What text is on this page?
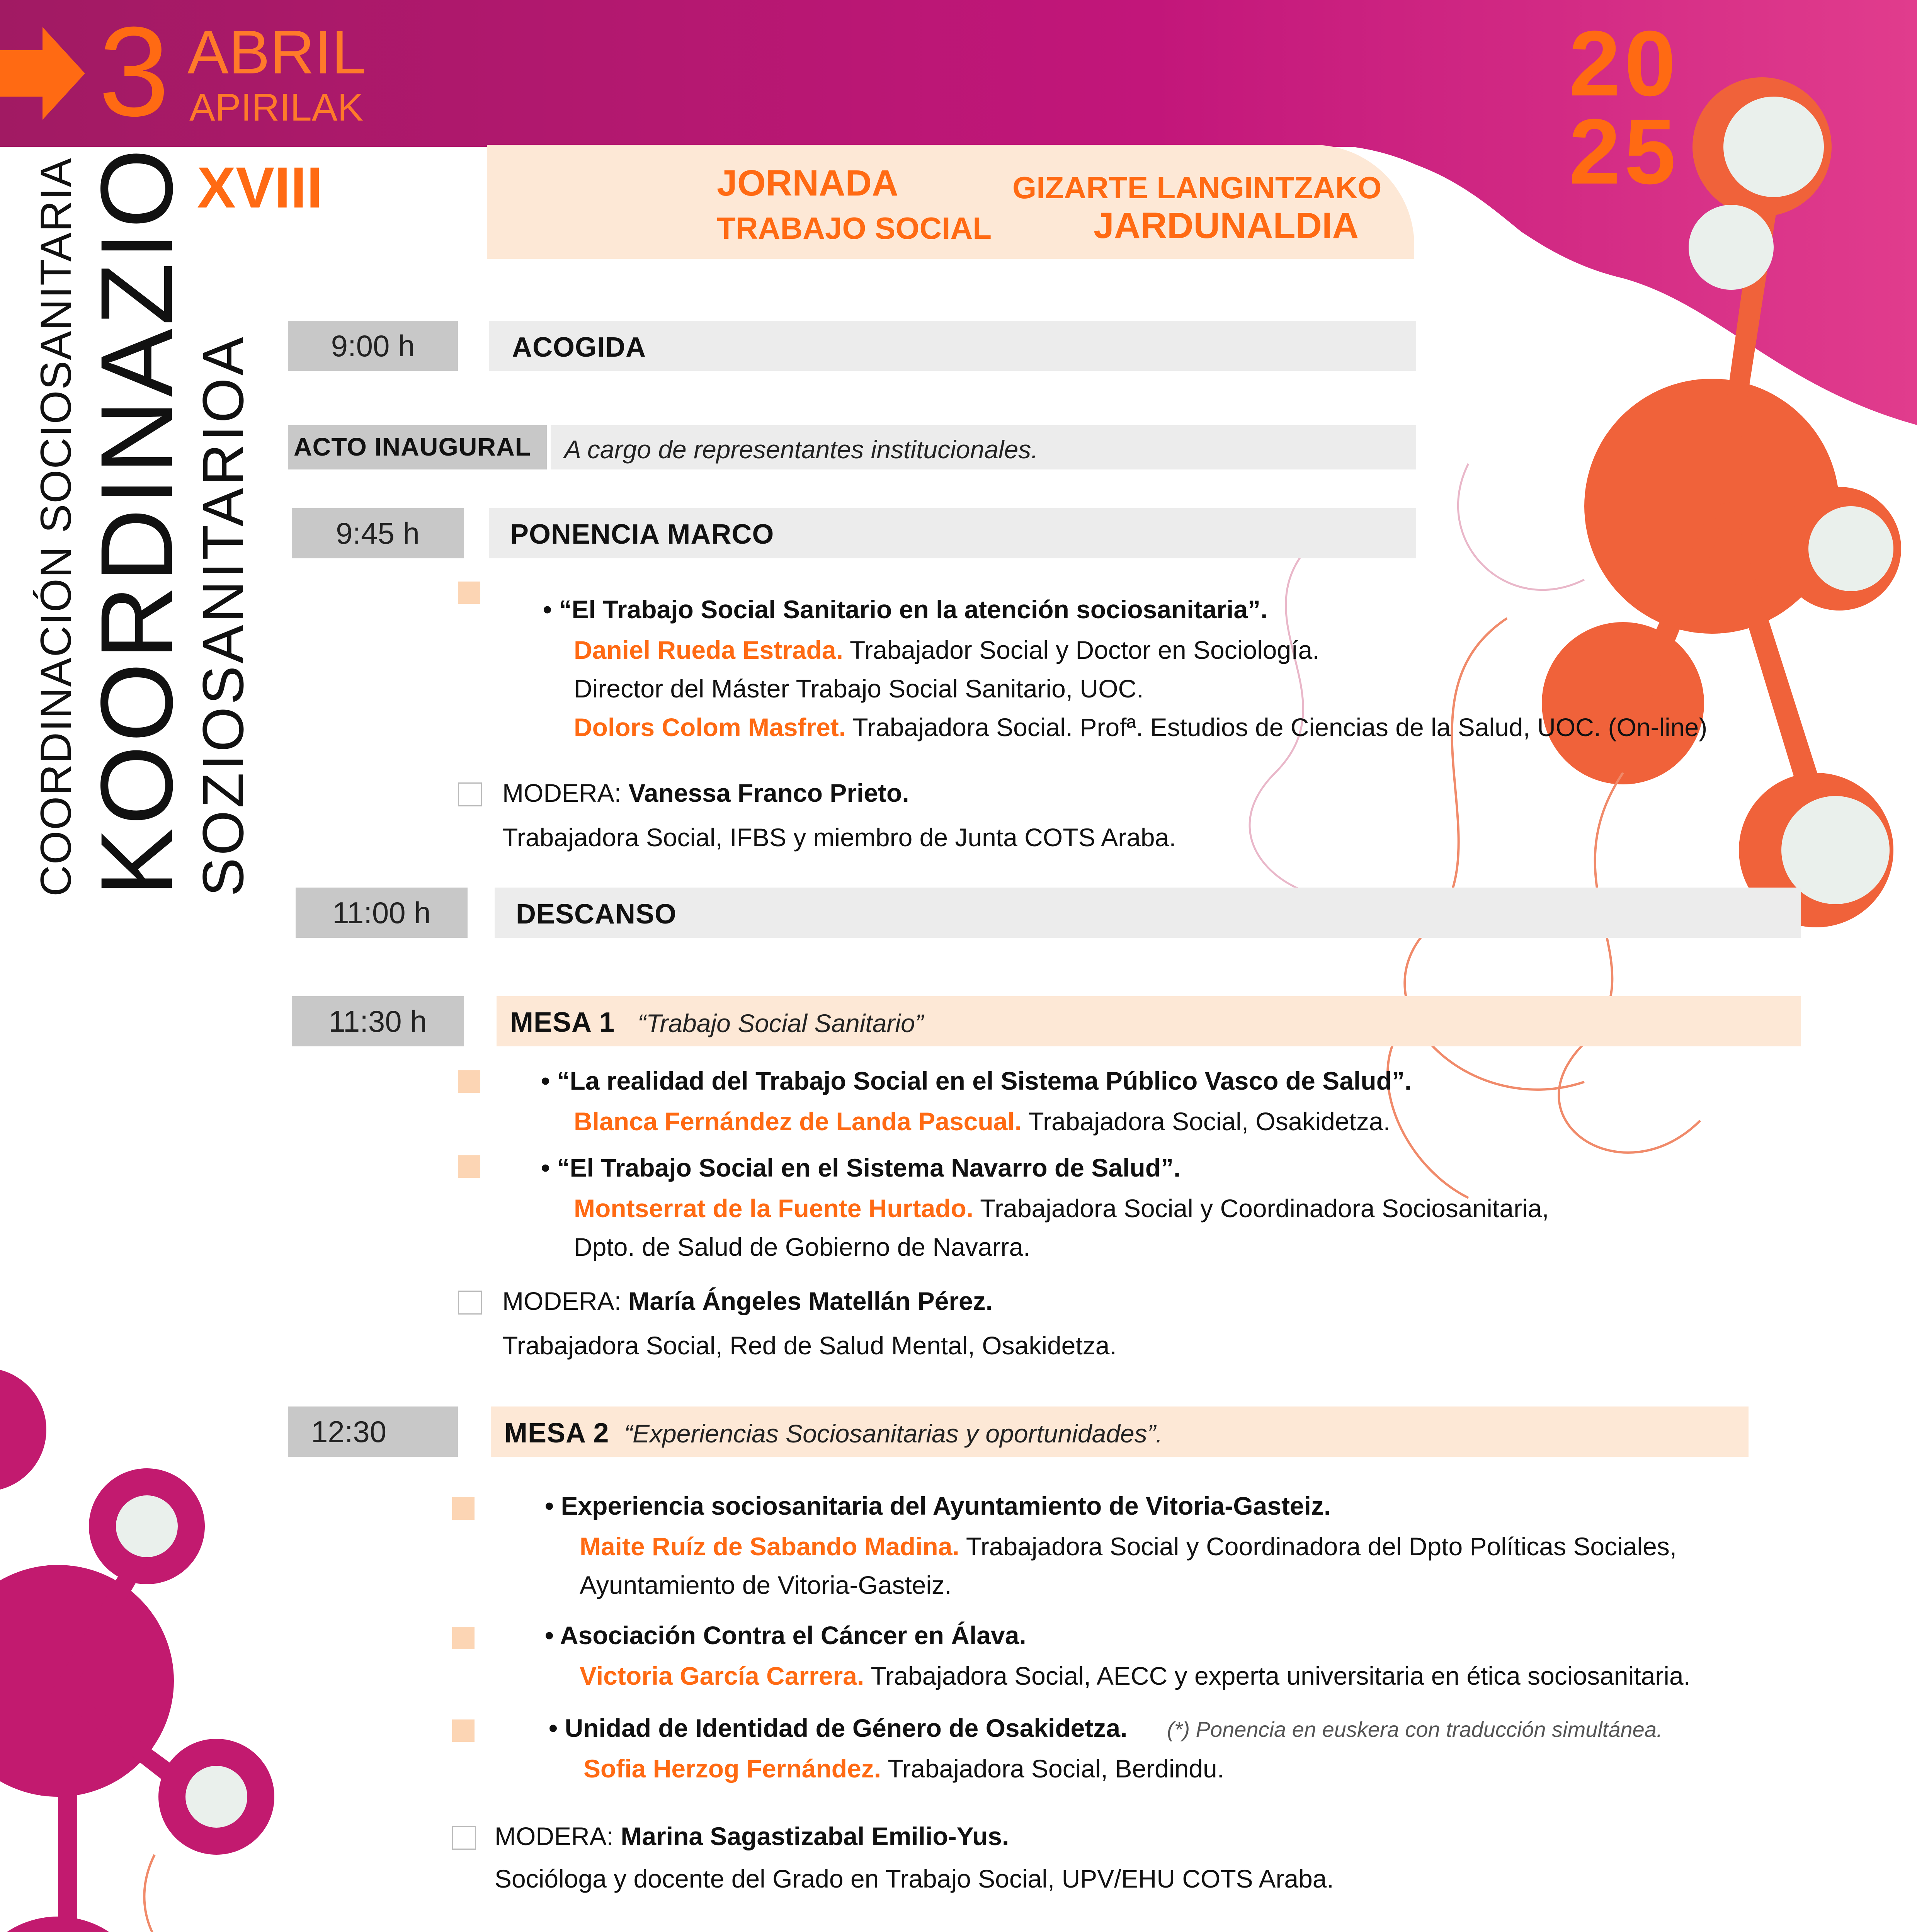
3 ABRIL
APIRILAK	20
25
XVIII	JORNADA
TRABAJO SOCIAL
GIZARTE LANGINTZAKO
JARDUNALDIA
COORDINACIÓN SOCIOSANITARIA KOORDINAZIO
SOZIOSANITARIOA	9:00 h	ACOGIDA
ACTO INAUGURAL A cargo de representantes institucionales.
9:45 h	PONENCIA MARCO
• “El Trabajo Social Sanitario en la atención sociosanitaria”.
Daniel Rueda Estrada. Trabajador Social y Doctor en Sociología.
Director del Máster Trabajo Social Sanitario, UOC.
Dolors Colom Masfret. Trabajadora Social. Profª. Estudios de Ciencias de la Salud, UOC. (On-line)
MODERA: Vanessa Franco Prieto.
Trabajadora Social, IFBS y miembro de Junta COTS Araba.
11:00 h	DESCANSO
11:30 h	MESA 1 “Trabajo Social Sanitario”
• “La realidad del Trabajo Social en el Sistema Público Vasco de Salud”.
Blanca Fernández de Landa Pascual. Trabajadora Social, Osakidetza.
• “El Trabajo Social en el Sistema Navarro de Salud”.
Montserrat de la Fuente Hurtado. Trabajadora Social y Coordinadora Sociosanitaria,
Dpto. de Salud de Gobierno de Navarra.
MODERA: María Ángeles Matellán Pérez.
Trabajadora Social, Red de Salud Mental, Osakidetza.
12:30	MESA 2 “Experiencias Sociosanitarias y oportunidades”.
• Experiencia sociosanitaria del Ayuntamiento de Vitoria-Gasteiz.
Maite Ruíz de Sabando Madina. Trabajadora Social y Coordinadora del Dpto Políticas Sociales,
Ayuntamiento de Vitoria-Gasteiz.
• Asociación Contra el Cáncer en Álava.
Victoria García Carrera. Trabajadora Social, AECC y experta universitaria en ética sociosanitaria.
• Unidad de Identidad de Género de Osakidetza. (*) Ponencia en euskera con traducción simultánea.
Sofia Herzog Fernández. Trabajadora Social, Berdindu.
MODERA: Marina Sagastizabal Emilio-Yus.
Socióloga y docente del Grado en Trabajo Social, UPV/EHU COTS Araba.
